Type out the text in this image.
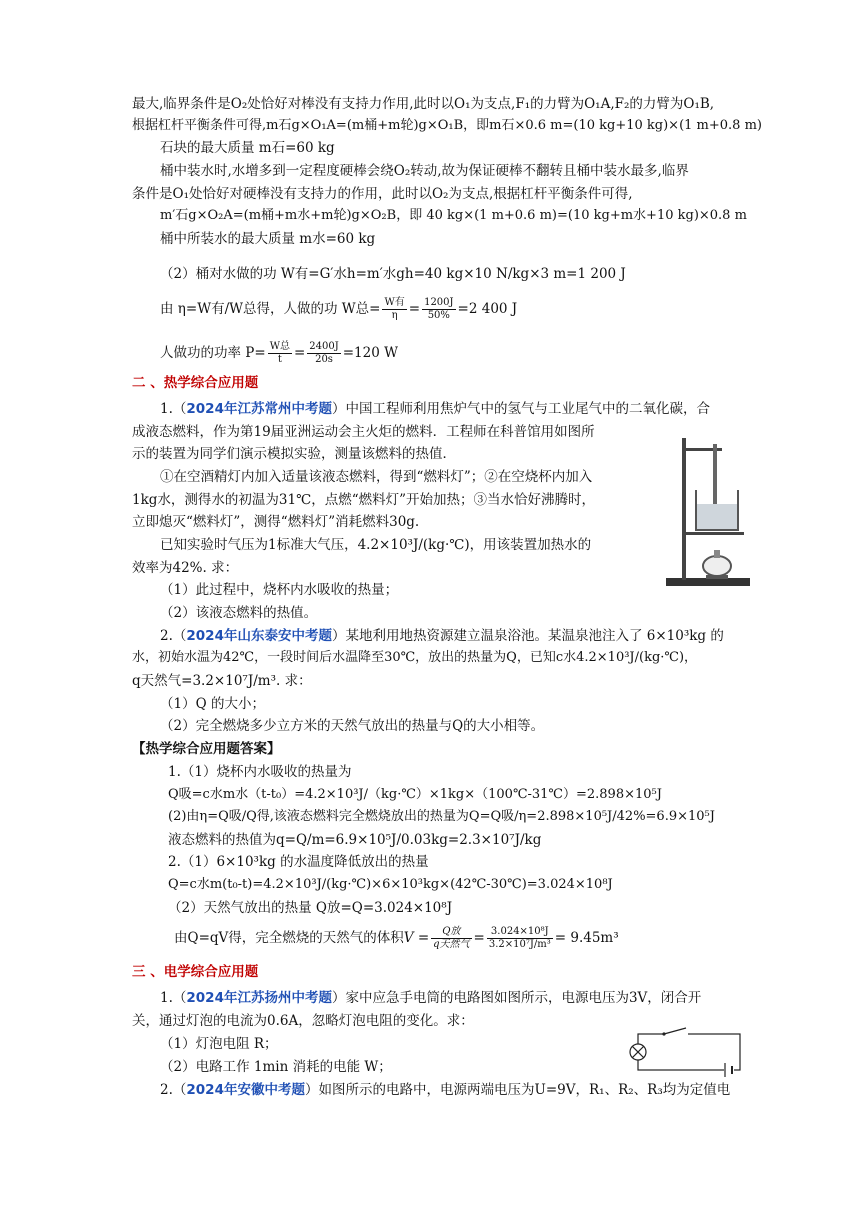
最大,临界条件是O₂处恰好对棒没有支持力作用,此时以O₁为支点,F₁的力臂为O₁A,F₂的力臂为O₁B,
根据杠杆平衡条件可得,m石g×O₁A=(m桶+m轮)g×O₁B，即m石×0.6 m=(10 kg+10 kg)×(1 m+0.8 m)
石块的最大质量 m石=60 kg
桶中装水时,水增多到一定程度硬棒会绕O₂转动,故为保证硬棒不翻转且桶中装水最多,临界
条件是O₁处恰好对硬棒没有支持力的作用，此时以O₂为支点,根据杠杆平衡条件可得,
m′石g×O₂A=(m桶+m水+m轮)g×O₂B，即 40 kg×(1 m+0.6 m)=(10 kg+m水+10 kg)×0.8 m
桶中所装水的最大质量 m水=60 kg
（2）桶对水做的功 W有=G′水h=m′水gh=40 kg×10 N/kg×3 m=1 200 J
由 η=W有/W总得，人做的功 W总= $\frac{\text{W有}}{\eta} = \frac{1200J}{50\%} =2$ 400 J
人做功的功率 $P= \frac{\text{W总}}{t} = \frac{2400J}{20s} =120$ W
二 、热学综合应用题
1.（2024年江苏常州中考题）中国工程师利用焦炉气中的氢气与工业尾气中的二氧化碳，合
成液态燃料，作为第19届亚洲运动会主火炬的燃料．工程师在科普馆用如图所
示的装置为同学们演示模拟实验，测量该燃料的热值．
①在空酒精灯内加入适量该液态燃料，得到“燃料灯”；②在空烧杯内加入
1kg水，测得水的初温为31℃，点燃“燃料灯”开始加热；③当水恰好沸腾时，
立即熄灭“燃料灯”，测得“燃料灯”消耗燃料30g.
已知实验时气压为1标准大气压，4.2×10³J/(kg·℃)，用该装置加热水的
效率为42%. 求：
（1）此过程中，烧杯内水吸收的热量；
（2）该液态燃料的热值。
2.（2024年山东泰安中考题）某地利用地热资源建立温泉浴池。某温泉池注入了 6×10³kg 的
水，初始水温为42℃，一段时间后水温降至30℃，放出的热量为Q，已知c水4.2×10³J/(kg·℃)，
q天然气=3.2×10⁷J/m³. 求：
（1）Q 的大小；
（2）完全燃烧多少立方米的天然气放出的热量与Q的大小相等。
【热学综合应用题答案】
1.（1）烧杯内水吸收的热量为
Q吸=c水m水（t-t₀）=4.2×10³J/（kg·℃）×1kg×（100℃-31℃）=2.898×10⁵J
(2)由η=Q吸/Q得,该液态燃料完全燃烧放出的热量为Q=Q吸/η=2.898×10⁵J/42%=6.9×10⁵J
液态燃料的热值为q=Q/m=6.9×10⁵J/0.03kg=2.3×10⁷J/kg
2.（1）6×10³kg 的水温度降低放出的热量
Q=c水m(t₀-t)=4.2×10³J/(kg·℃)×6×10³kg×(42℃-30℃)=3.024×10⁸J
（2）天然气放出的热量 Q放=Q=3.024×10⁸J
由Q=qV得，完全燃烧的天然气的体积$V = \frac{\text{Q放}}{\text{q天然气}} = \frac{\text{3.024×10⁸J}}{\text{3.2×10⁷J/m³}} = 9.45m^3$
三 、电学综合应用题
1.（2024年江苏扬州中考题）家中应急手电筒的电路图如图所示，电源电压为3V，闭合开
关，通过灯泡的电流为0.6A，忽略灯泡电阻的变化。求：
（1）灯泡电阻 R；
（2）电路工作 1min 消耗的电能 W；
2.（2024年安徽中考题）如图所示的电路中，电源两端电压为U=9V，R₁、R₂、R₃均为定值电
